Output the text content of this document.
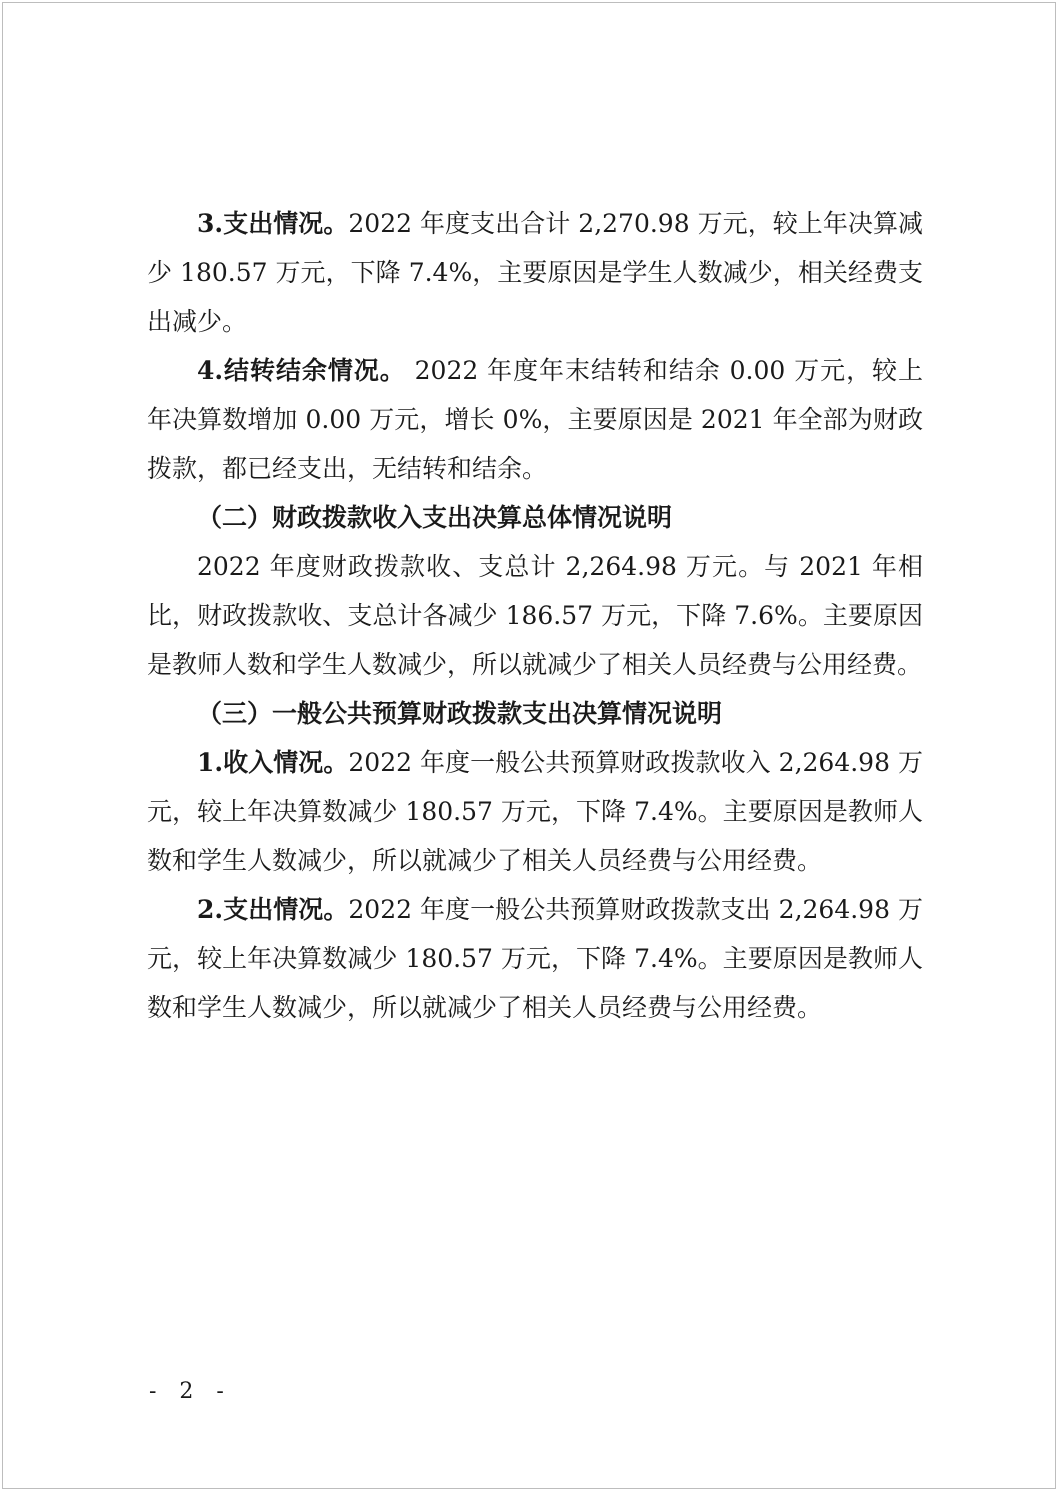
3.支出情况。2022 年度支出合计 2,270.98 万元，较上年决算减少 180.57 万元，下降 7.4%，主要原因是学生人数减少，相关经费支出减少。

4.结转结余情况。 2022 年度年末结转和结余 0.00 万元，较上年决算数增加 0.00 万元，增长 0%，主要原因是 2021 年全部为财政拨款，都已经支出，无结转和结余。

（二）财政拨款收入支出决算总体情况说明

2022 年度财政拨款收、支总计 2,264.98 万元。与 2021 年相比，财政拨款收、支总计各减少 186.57 万元，下降 7.6%。主要原因是教师人数和学生人数减少，所以就减少了相关人员经费与公用经费。

（三）一般公共预算财政拨款支出决算情况说明

1.收入情况。2022 年度一般公共预算财政拨款收入 2,264.98 万元，较上年决算数减少 180.57 万元，下降 7.4%。主要原因是教师人数和学生人数减少，所以就减少了相关人员经费与公用经费。

2.支出情况。2022 年度一般公共预算财政拨款支出 2,264.98 万元，较上年决算数减少 180.57 万元，下降 7.4%。主要原因是教师人数和学生人数减少，所以就减少了相关人员经费与公用经费。

- 2 -
